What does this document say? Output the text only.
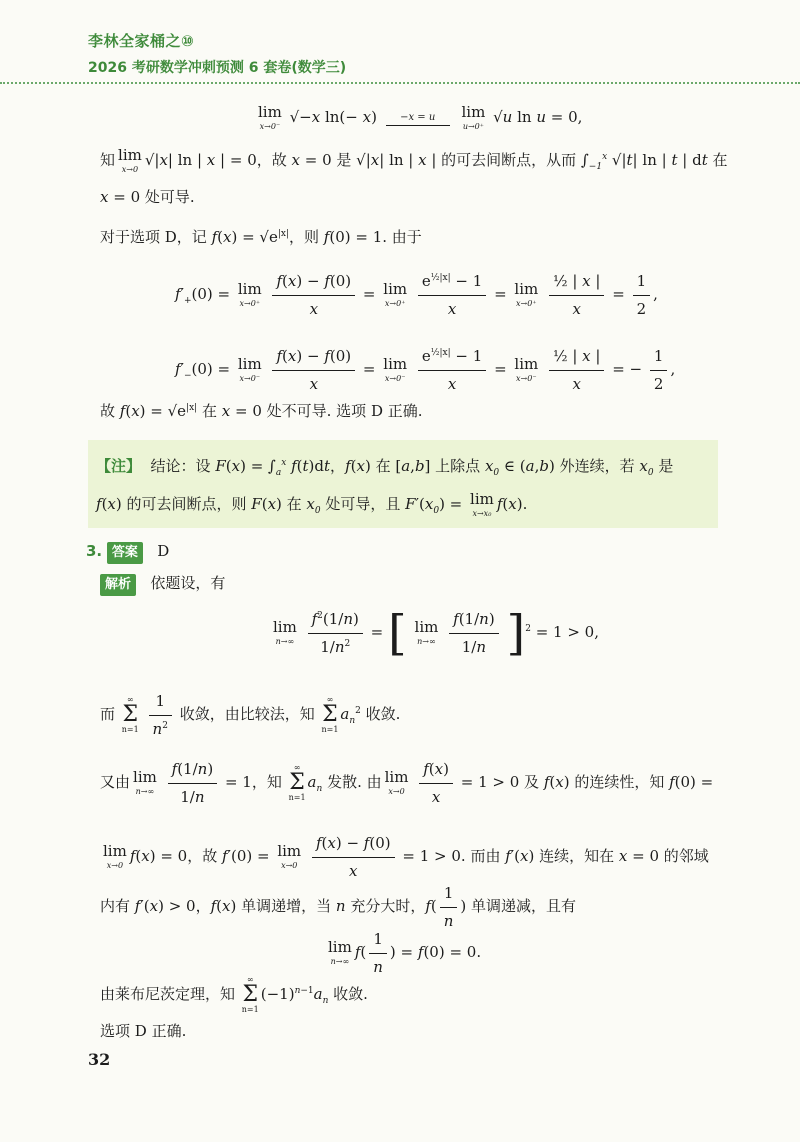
李林全家桶之⑩
2026 考研数学冲刺预测 6 套卷(数学三)
lim
x→0⁻
√−x ln(− x)	−x = u
	lim
u→0⁺
√u ln u = 0,
知 lim
x→0
√|x| ln | x | = 0，故 x = 0 是 √|x| ln | x | 的可去间断点，从而 $\int_{-1}^x$ √|t| ln | t | dt 在
x = 0 处可导.
对于选项 D，记 $f(x) = √e^{|x|}$，则 f(0) = 1. 由于
$f'_+(0) = \lim$
x→0⁺
$\frac{f(x) - f(0)}{x} = \lim$
x→0⁺
$\frac{e^{\frac{1}{2}|x|} - 1}{x} = \lim$
x→0⁺
$\frac{\text{½ | x |}}{x} = \frac{1}{2}$ ,
$f'_-(0) = \lim$
x→0⁻
$\frac{f(x) - f(0)}{x} = \lim$
x→0⁻
$\frac{e^{\frac{1}{2}|x|} - 1}{x} = \lim$
x→0⁻
$\frac{\text{½ | x |}}{x}$ = − $\frac{1}{2}$ ,
故 $f(x) = √e^{|x|}$ 在 x = 0 处不可导. 选项 D 正确.
【注】  结论：设 $F(x) = \int_a^x$ f(t)dt，f(x) 在 [a,b] 上除点 $x_0$ ∈ (a,b) 外连续，若 $x_0$ 是
f(x) 的可去间断点，则 F(x) 在 $x_0$ 处可导，且 $F'(x_0) = \lim$
x→x₀
f(x).
3. 答案 D
解析 依题设，有
lim
n→∞
$\frac{f^2(1/n)}{1/n^2}$ = [ lim
n→∞
$\frac{f(1/n)}{1/n} ]^2 = 1 > 0$,
而
∞
Σ
n=1
$\frac{1}{n^2}$ 收敛，由比较法，知
∞
Σ
n=1
$a_n^2$ 收敛.
又由 lim
n→∞
$\frac{f(1/n)}{1/n} = 1$，知
∞
Σ
n=1
$a_n$ 发散. 由 lim
x→0
$\frac{f(x)}{x} = 1 > 0$ 及 f(x) 的连续性，知 f(0) =
lim
x→0
f(x) = 0，故 f′(0) = lim
x→0
$\frac{f(x) - f(0)}{x} = 1 > 0$. 而由 f′(x) 连续，知在 x = 0 的邻域
内有 f′(x) > 0，f(x) 单调递增，当 n 充分大时，$f( \frac{1}{n}$ ) 单调递减，且有
lim
n→∞
$f( \frac{1}{n}$ ) = f(0) = 0.
由莱布尼茨定理，知
∞
Σ
n=1
$(-1)^{n-1}a_n$ 收敛.
选项 D 正确.
32
